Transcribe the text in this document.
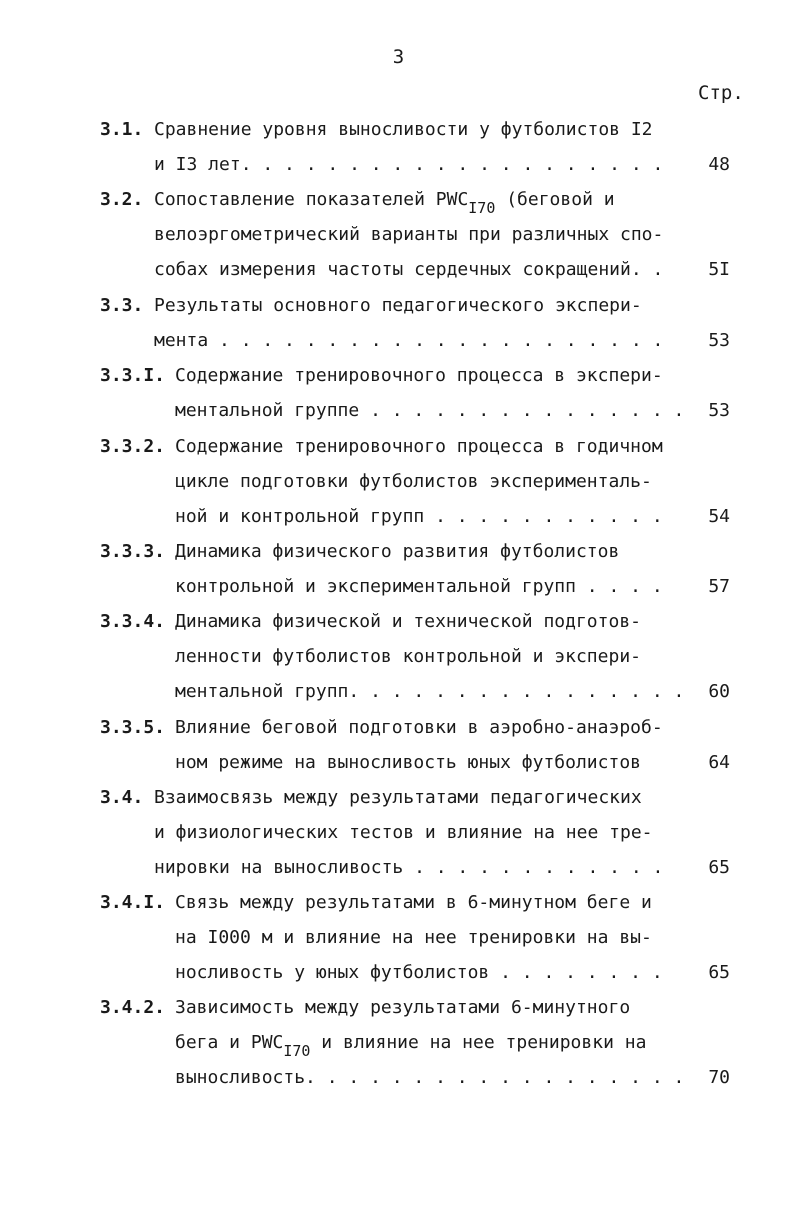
3
Стр.
3.1. Сравнение уровня выносливости у футболистов I2
и I3 лет. . . . . . . . . . . . . . . . . . . .	48
3.2. Сопоставление показателей $PWC_{I70}$ (беговой и
велоэргометрический варианты при различных спо-
собах измерения частоты сердечных сокращений. .	5I
3.3. Результаты основного педагогического экспери-
мента . . . . . . . . . . . . . . . . . . . . .	53
3.3.I. Содержание тренировочного процесса в экспери-
ментальной группе . . . . . . . . . . . . . . .	53
3.3.2. Содержание тренировочного процесса в годичном
цикле подготовки футболистов эксперименталь-
ной и контрольной групп . . . . . . . . . . .	54
3.3.3. Динамика физического развития футболистов
контрольной и экспериментальной групп . . . .	57
3.3.4. Динамика физической и технической подготов-
ленности футболистов контрольной и экспери-
ментальной групп. . . . . . . . . . . . . . . .	60
3.3.5. Влияние беговой подготовки в аэробно-анаэроб-
ном режиме на выносливость юных футболистов	64
3.4. Взаимосвязь между результатами педагогических
и физиологических тестов и влияние на нее тре-
нировки на выносливость . . . . . . . . . . . .	65
3.4.I. Связь между результатами в 6-минутном беге и
на I000 м и влияние на нее тренировки на вы-
носливость у юных футболистов . . . . . . . .	65
3.4.2. Зависимость между результатами 6-минутного
бега и $PWC_{I70}$ и влияние на нее тренировки на
выносливость. . . . . . . . . . . . . . . . . .	70
